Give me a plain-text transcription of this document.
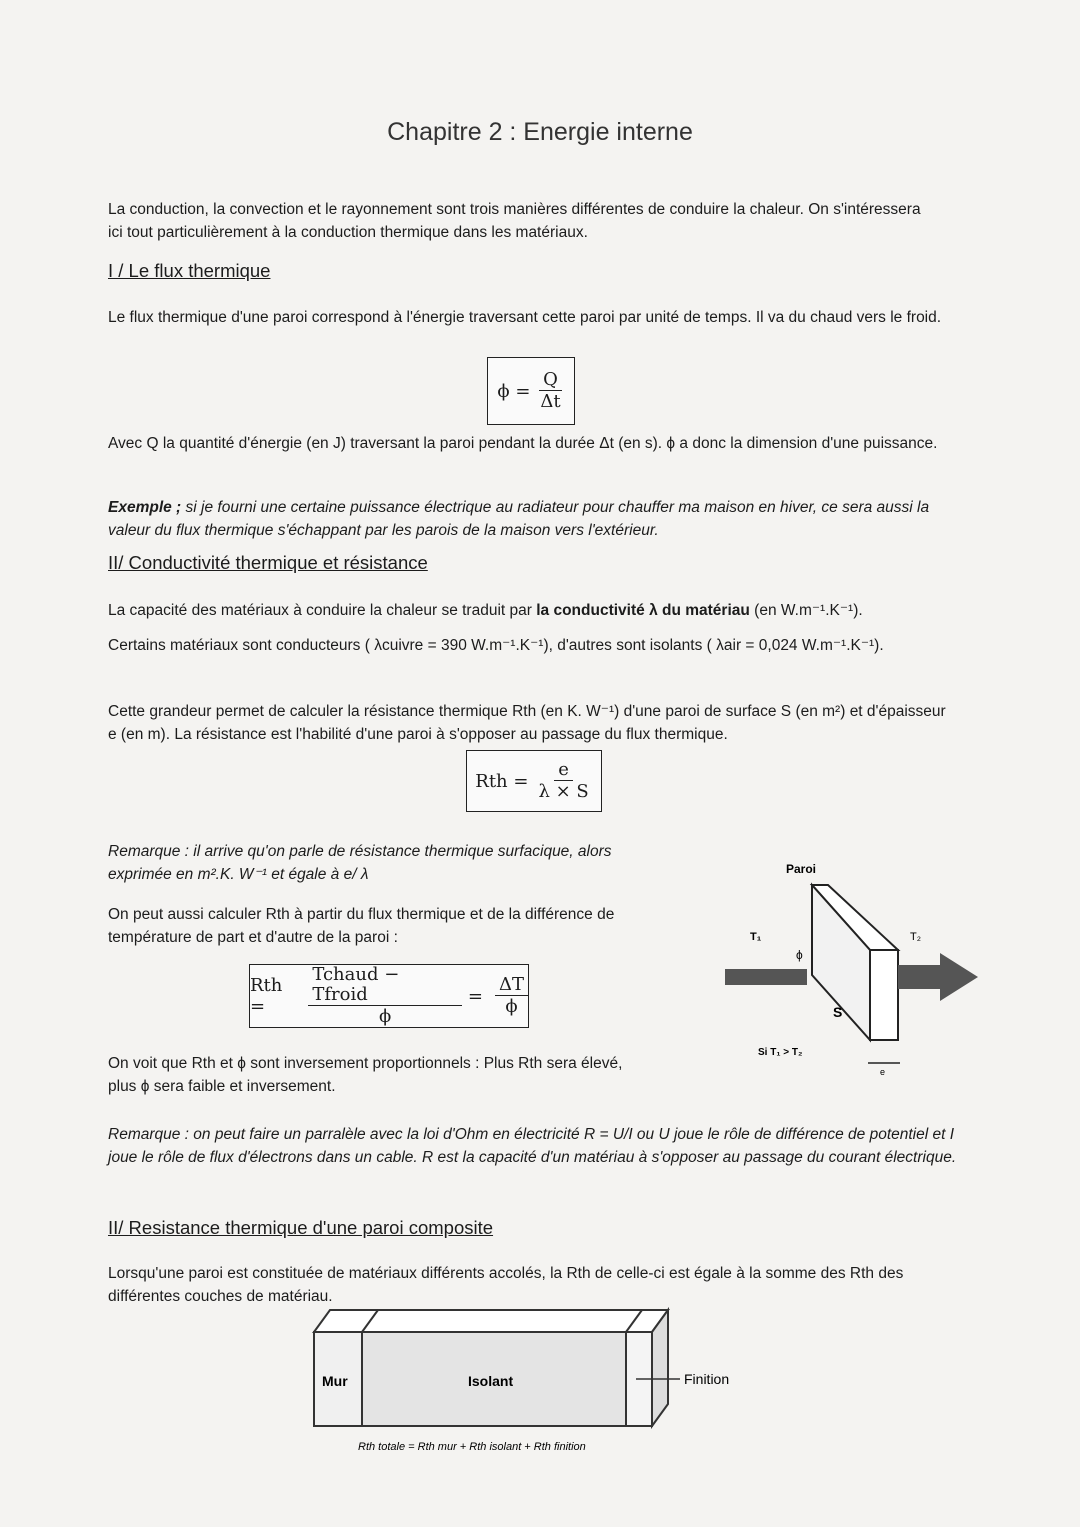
Chapitre 2 : Energie interne
La conduction, la convection et le rayonnement sont trois manières différentes de conduire la chaleur. On s'intéressera ici tout particulièrement à la conduction thermique dans les matériaux.
I / Le flux thermique
Le flux thermique d'une paroi correspond à l'énergie traversant cette paroi par unité de temps. Il va du chaud vers le froid.
$\phi = \frac{Q}{\Delta t}$
Avec Q la quantité d'énergie (en J) traversant la paroi pendant la durée Δt (en s). ϕ a donc la dimension d'une puissance.
Exemple ; si je fourni une certaine puissance électrique au radiateur pour chauffer ma maison en hiver, ce sera aussi la valeur du flux thermique s'échappant par les parois de la maison vers l'extérieur.
II/ Conductivité thermique et résistance
La capacité des matériaux à conduire la chaleur se traduit par la conductivité λ du matériau (en W.m⁻¹.K⁻¹).
Certains matériaux sont conducteurs ( λcuivre = 390 W.m⁻¹.K⁻¹), d'autres sont isolants ( λair = 0,024 W.m⁻¹.K⁻¹).
Cette grandeur permet de calculer la résistance thermique Rth (en K. W⁻¹) d'une paroi de surface S (en m²) et d'épaisseur e (en m). La résistance est l'habilité d'une paroi à s'opposer au passage du flux thermique.
Rth = $\frac{e}{\lambda \times S}$
Remarque : il arrive qu'on parle de résistance thermique surfacique, alors exprimée en m².K. W⁻¹ et égale à e/ λ
On peut aussi calculer Rth à partir du flux thermique et de la différence de température de part et d'autre de la paroi :
Rth =	$\frac{\text{Tchaud − Tfroid}}{\phi} = \frac{\Delta T}{\phi}$
On voit que Rth et ϕ sont inversement proportionnels : Plus Rth sera élevé, plus ϕ sera faible et inversement.
Paroi
T₁	T₂
ϕ
S
Si T₁ > T₂
e
Remarque : on peut faire un parralèle avec la loi d'Ohm en électricité R = U/I ou U joue le rôle de différence de potentiel et I joue le rôle de flux d'électrons dans un cable. R est la capacité d'un matériau à s'opposer au passage du courant électrique.
II/ Resistance thermique d'une paroi composite
Lorsqu'une paroi est constituée de matériaux différents accolés, la Rth de celle-ci est égale à la somme des Rth des différentes couches de matériau.
Mur	Isolant	Finition
Rth totale = Rth mur + Rth isolant + Rth finition
